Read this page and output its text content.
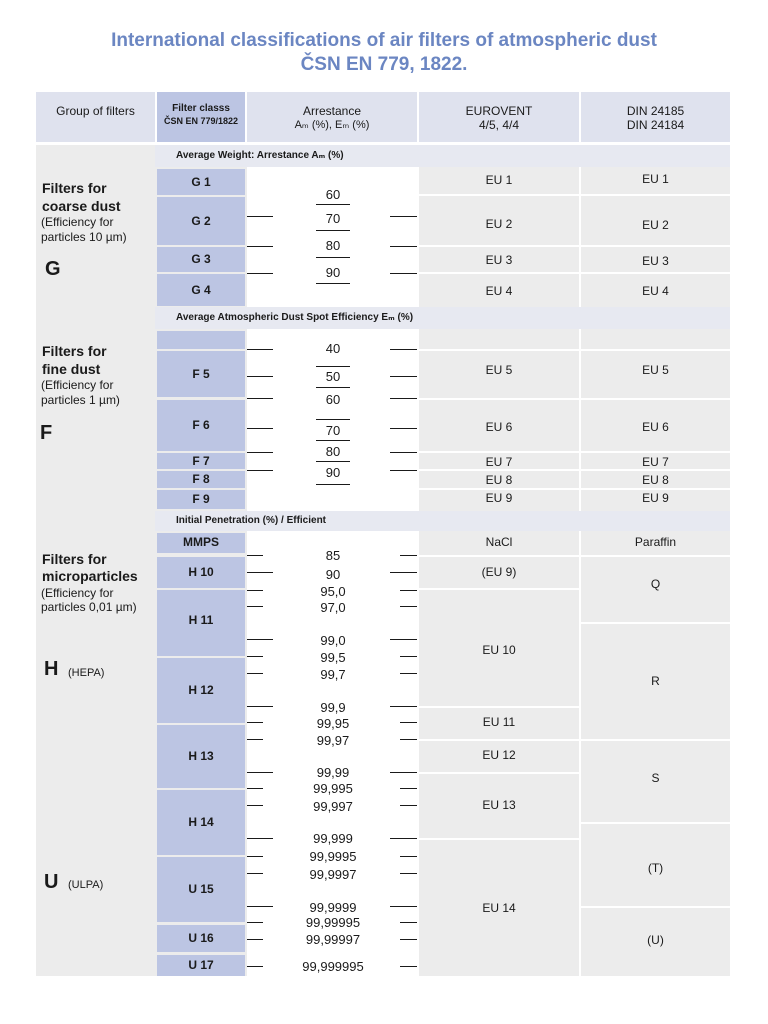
International classifications of air filters of atmospheric dust
ČSN EN 779, 1822.
Group of filters	Filter classs
ČSN EN 779/1822
Arrestance
Aₘ (%), Eₘ (%)
EUROVENT
4/5, 4/4
DIN 24185
DIN 24184
Average Weight: Arrestance Aₘ (%)
Average Atmospheric Dust Spot Efficiency Eₘ (%)
Initial Penetration (%) / Efficient
Filters for
coarse dust
(Efficiency for
particles 10 µm)
G
Filters for
fine dust
(Efficiency for
particles 1 µm)
F
Filters for
microparticles
(Efficiency for
particles 0,01 µm)
H (HEPA)
U (ULPA)
G 1
G 2
G 3
G 4
F 5
F 6
F 7
F 8
F 9
MMPS
H 10
H 11
H 12
H 13
H 14
U 15
U 16
U 17
60
70
80
90
40
50
60
70
80
90
85
90
95,0
97,0
99,0
99,5
99,7
99,9
99,95
99,97
99,99
99,995
99,997
99,999
99,9995
99,9997
99,9999
99,99995
99,99997
99,999995
EU 1
EU 2
EU 3
EU 4
EU 1
EU 2
EU 3
EU 4
EU 5
EU 6
EU 7
EU 8
EU 9
EU 5
EU 6
EU 7
EU 8
EU 9
NaCl
(EU 9)
EU 10
EU 11
EU 12
EU 13
EU 14
Paraffin
Q
R
S
(T)
(U)
